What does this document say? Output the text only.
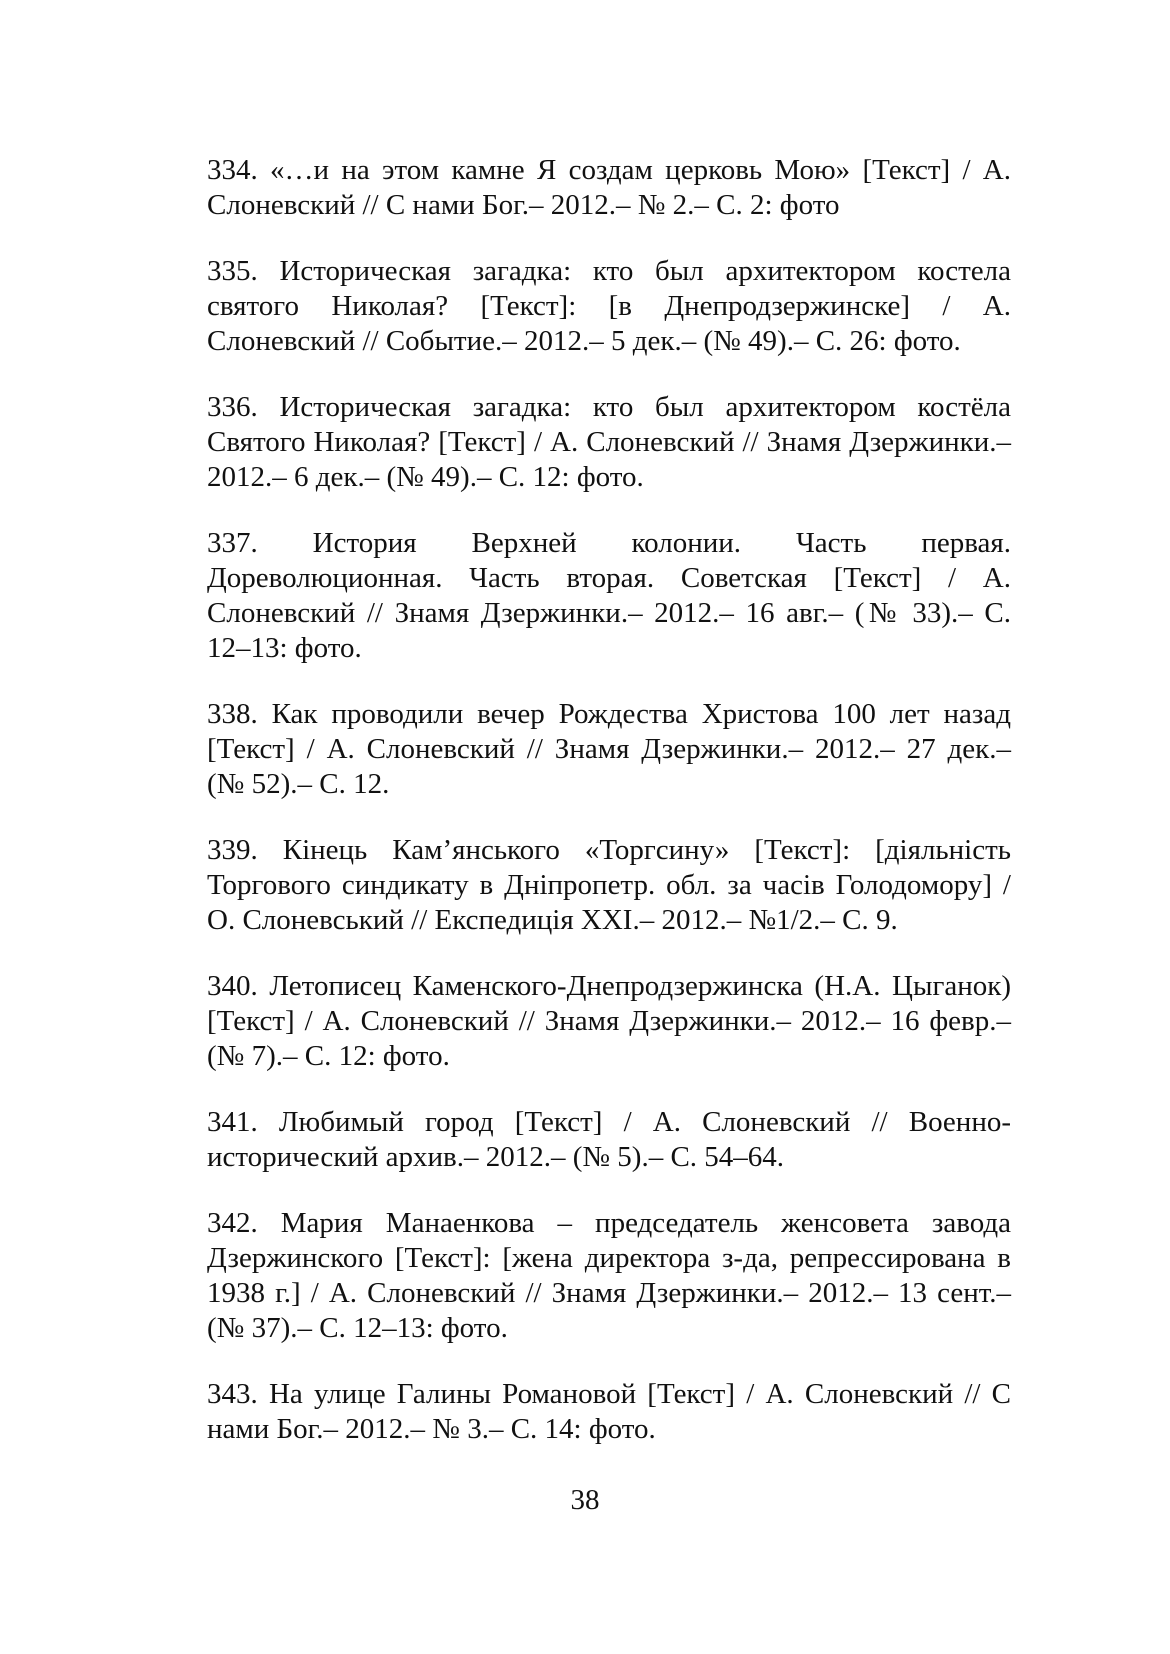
334. «…и на этом камне Я создам церковь Мою» [Текст] / А. Слоневский // С нами Бог.– 2012.– № 2.– С. 2: фото

335. Историческая загадка: кто был архитектором костела святого Николая? [Текст]: [в Днепродзержинске] / А. Слоневский // Событие.– 2012.– 5 дек.– (№ 49).– С. 26: фото.

336. Историческая загадка: кто был архитектором костёла Святого Николая? [Текст] / А. Слоневский // Знамя Дзержинки.– 2012.– 6 дек.– (№ 49).– С. 12: фото.

337. История Верхней колонии. Часть первая. Дореволюционная. Часть вторая. Советская [Текст] / А. Слоневский // Знамя Дзержинки.– 2012.– 16 авг.– (№ 33).– С. 12–13: фото.

338. Как проводили вечер Рождества Христова 100 лет назад [Текст] / А. Слоневский // Знамя Дзержинки.– 2012.– 27 дек.– (№ 52).– С. 12.

339. Кінець Кам’янського «Торгсину» [Текст]: [діяльність Торгового синдикату в Дніпропетр. обл. за часів Голодомору] / О. Слоневський // Експедиція XXI.– 2012.– №1/2.– С. 9.

340. Летописец Каменского-Днепродзержинска (Н.А. Цыганок) [Текст] / А. Слоневский // Знамя Дзержинки.– 2012.– 16 февр.– (№ 7).– С. 12: фото.

341. Любимый город [Текст] / А. Слоневский // Военно-исторический архив.– 2012.– (№ 5).– С. 54–64.

342. Мария Манаенкова – председатель женсовета завода Дзержинского [Текст]: [жена директора з-да, репрессирована в 1938 г.] / А. Слоневский // Знамя Дзержинки.– 2012.– 13 сент.– (№ 37).– С. 12–13: фото.

343. На улице Галины Романовой [Текст] / А. Слоневский // С нами Бог.– 2012.– № 3.– С. 14: фото.

38
